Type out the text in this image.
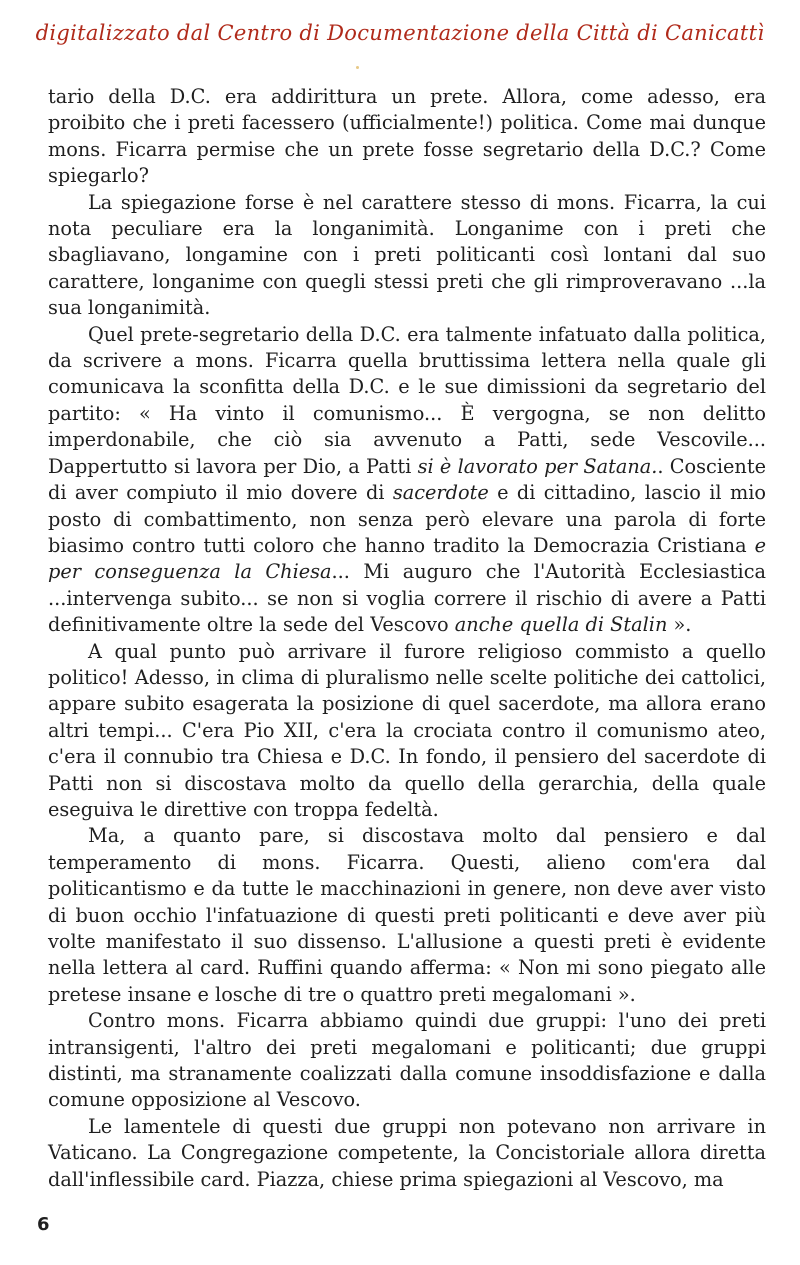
digitalizzato dal Centro di Documentazione della Città di Canicattì

tario della D.C. era addirittura un prete. Allora, come adesso, era proibito che i preti facessero (ufficialmente!) politica. Come mai dunque mons. Ficarra permise che un prete fosse segretario della D.C.? Come spiegarlo?

La spiegazione forse è nel carattere stesso di mons. Ficarra, la cui nota peculiare era la longanimità. Longanime con i preti che sbagliavano, longamine con i preti politicanti così lontani dal suo carattere, longanime con quegli stessi preti che gli rimproveravano ...la sua longanimità.

Quel prete-segretario della D.C. era talmente infatuato dalla politica, da scrivere a mons. Ficarra quella bruttissima lettera nella quale gli comunicava la sconfitta della D.C. e le sue dimissioni da segretario del partito: « Ha vinto il comunismo... È vergogna, se non delitto imperdonabile, che ciò sia avvenuto a Patti, sede Vescovile... Dappertutto si lavora per Dio, a Patti si è lavorato per Satana.. Cosciente di aver compiuto il mio dovere di sacerdote e di cittadino, lascio il mio posto di combattimento, non senza però elevare una parola di forte biasimo contro tutti coloro che hanno tradito la Democrazia Cristiana e per conseguenza la Chiesa... Mi auguro che l'Autorità Ecclesiastica ...intervenga subito... se non si voglia correre il rischio di avere a Patti definitivamente oltre la sede del Vescovo anche quella di Stalin ».

A qual punto può arrivare il furore religioso commisto a quello politico! Adesso, in clima di pluralismo nelle scelte politiche dei cattolici, appare subito esagerata la posizione di quel sacerdote, ma allora erano altri tempi... C'era Pio XII, c'era la crociata contro il comunismo ateo, c'era il connubio tra Chiesa e D.C. In fondo, il pensiero del sacerdote di Patti non si discostava molto da quello della gerarchia, della quale eseguiva le direttive con troppa fedeltà.

Ma, a quanto pare, si discostava molto dal pensiero e dal temperamento di mons. Ficarra. Questi, alieno com'era dal politicantismo e da tutte le macchinazioni in genere, non deve aver visto di buon occhio l'infatuazione di questi preti politicanti e deve aver più volte manifestato il suo dissenso. L'allusione a questi preti è evidente nella lettera al card. Ruffini quando afferma: « Non mi sono piegato alle pretese insane e losche di tre o quattro preti megalomani ».

Contro mons. Ficarra abbiamo quindi due gruppi: l'uno dei preti intransigenti, l'altro dei preti megalomani e politicanti; due gruppi distinti, ma stranamente coalizzati dalla comune insoddisfazione e dalla comune opposizione al Vescovo.

Le lamentele di questi due gruppi non potevano non arrivare in Vaticano. La Congregazione competente, la Concistoriale allora diretta dall'inflessibile card. Piazza, chiese prima spiegazioni al Vescovo, ma

6
